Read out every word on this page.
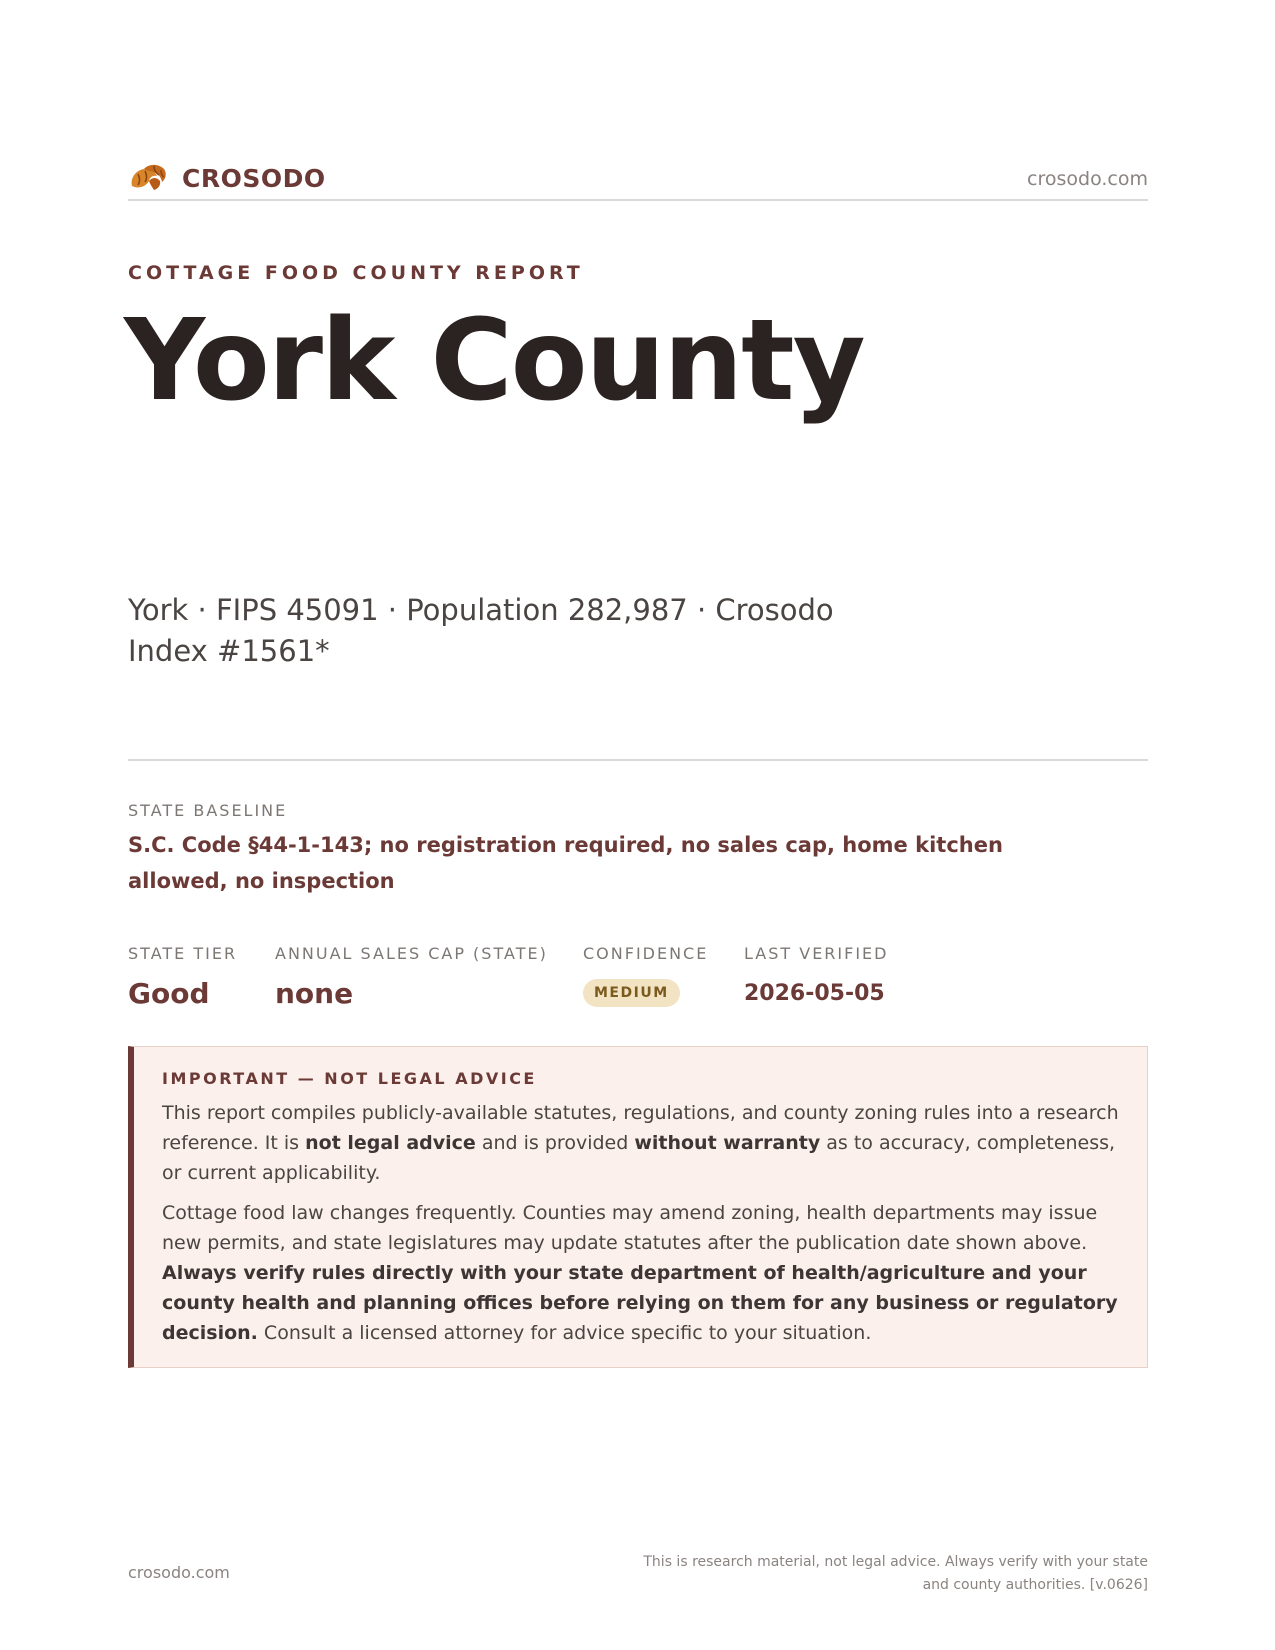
CROSODO	crosodo.com
COTTAGE FOOD COUNTY REPORT
York County
York · FIPS 45091 · Population 282,987 · Crosodo Index #1561*
STATE BASELINE
S.C. Code §44-1-143; no registration required, no sales cap, home kitchen allowed, no inspection
STATE TIER
Good
ANNUAL SALES CAP (STATE)
none
CONFIDENCE
MEDIUM
LAST VERIFIED
2026-05-05
IMPORTANT — NOT LEGAL ADVICE

This report compiles publicly-available statutes, regulations, and county zoning rules into a research reference. It is not legal advice and is provided without warranty as to accuracy, completeness, or current applicability.

Cottage food law changes frequently. Counties may amend zoning, health departments may issue new permits, and state legislatures may update statutes after the publication date shown above. Always verify rules directly with your state department of health/agriculture and your county health and planning offices before relying on them for any business or regulatory decision. Consult a licensed attorney for advice specific to your situation.

crosodo.com
This is research material, not legal advice. Always verify with your state
and county authorities. [v.0626]
